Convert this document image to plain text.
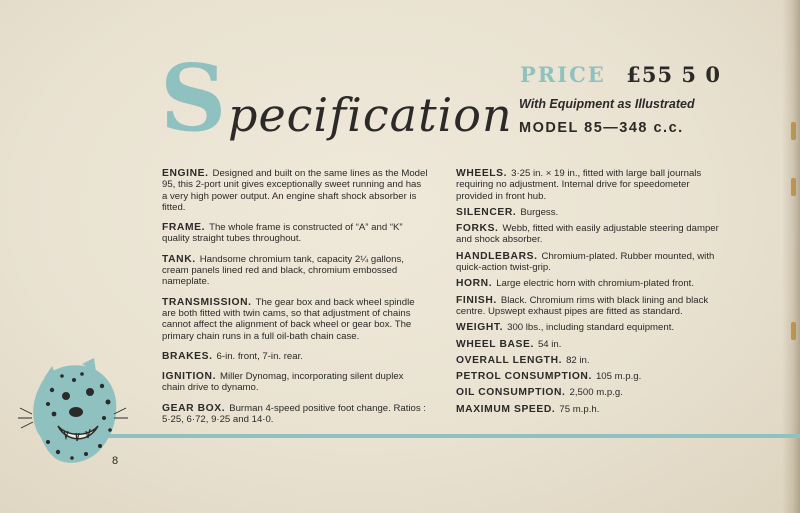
S pecification
PRICE £55 5 0
With Equipment as Illustrated
MODEL 85—348 c.c.

ENGINE. Designed and built on the same lines as the Model 95, this 2-port unit gives exceptionally sweet running and has a very high power output. An engine shaft shock absorber is fitted.

FRAME. The whole frame is constructed of “A” and “K” quality straight tubes throughout.

TANK. Handsome chromium tank, capacity 2¼ gallons, cream panels lined red and black, chromium embossed nameplate.

TRANSMISSION. The gear box and back wheel spindle are both fitted with twin cams, so that adjustment of chains cannot affect the alignment of back wheel or gear box. The primary chain runs in a full oil-bath chain case.

BRAKES. 6-in. front, 7-in. rear.

IGNITION. Miller Dynomag, incorporating silent duplex chain drive to dynamo.

GEAR BOX. Burman 4-speed positive foot change. Ratios : 5·25, 6·72, 9·25 and 14·0.

WHEELS. 3·25 in. × 19 in., fitted with large ball journals requiring no adjustment. Internal drive for speedometer provided in front hub.

SILENCER. Burgess.

FORKS. Webb, fitted with easily adjustable steering damper and shock absorber.

HANDLEBARS. Chromium-plated. Rubber mounted, with quick-action twist-grip.

HORN. Large electric horn with chromium-plated front.

FINISH. Black. Chromium rims with black lining and black centre. Upswept exhaust pipes are fitted as standard.

WEIGHT. 300 lbs., including standard equipment.

WHEEL BASE. 54 in.

OVERALL LENGTH. 82 in.

PETROL CONSUMPTION. 105 m.p.g.

OIL CONSUMPTION. 2,500 m.p.g.

MAXIMUM SPEED. 75 m.p.h.

8
